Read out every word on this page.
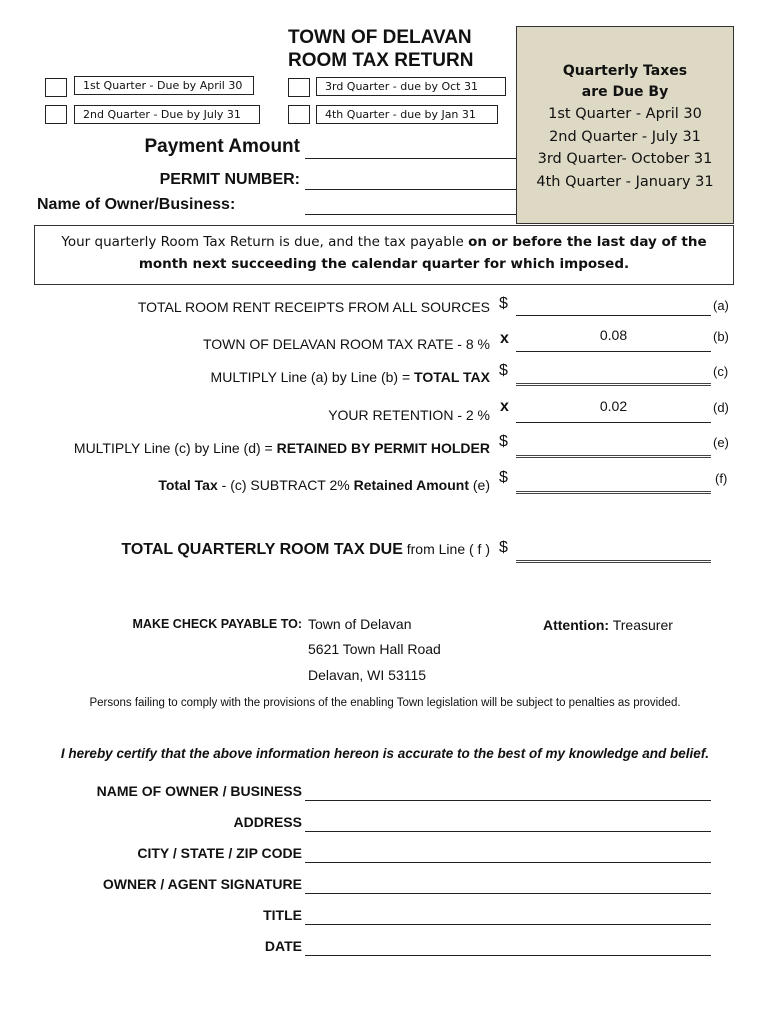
TOWN OF DELAVAN
ROOM TAX RETURN
1st Quarter - Due by April 30
2nd Quarter - Due by July 31
3rd Quarter - due by Oct 31
4th Quarter - due by Jan 31
Quarterly Taxes
are Due By
1st Quarter - April 30
2nd Quarter - July 31
3rd Quarter- October 31
4th Quarter - January 31
Payment Amount
PERMIT NUMBER:
Name of Owner/Business:
Your quarterly Room Tax Return is due, and the tax payable on or before the last day of the
month next succeeding the calendar quarter for which imposed.
TOTAL ROOM RENT RECEIPTS FROM ALL SOURCES $	(a)
TOWN OF DELAVAN ROOM TAX RATE - 8 % x	0.08	(b)
MULTIPLY Line (a) by Line (b) = TOTAL TAX $	(c)
YOUR RETENTION - 2 % x	0.02	(d)
MULTIPLY Line (c) by Line (d) = RETAINED BY PERMIT HOLDER $	(e)
Total Tax - (c) SUBTRACT 2% Retained Amount (e) $	(f)
TOTAL QUARTERLY ROOM TAX DUE from Line ( f ) $
MAKE CHECK PAYABLE TO: Town of Delavan
5621 Town Hall Road
Delavan, WI 53115
Attention: Treasurer
Persons failing to comply with the provisions of the enabling Town legislation will be subject to penalties as provided.
I hereby certify that the above information hereon is accurate to the best of my knowledge and belief.
NAME OF OWNER / BUSINESS
ADDRESS
CITY / STATE / ZIP CODE
OWNER / AGENT SIGNATURE
TITLE
DATE
